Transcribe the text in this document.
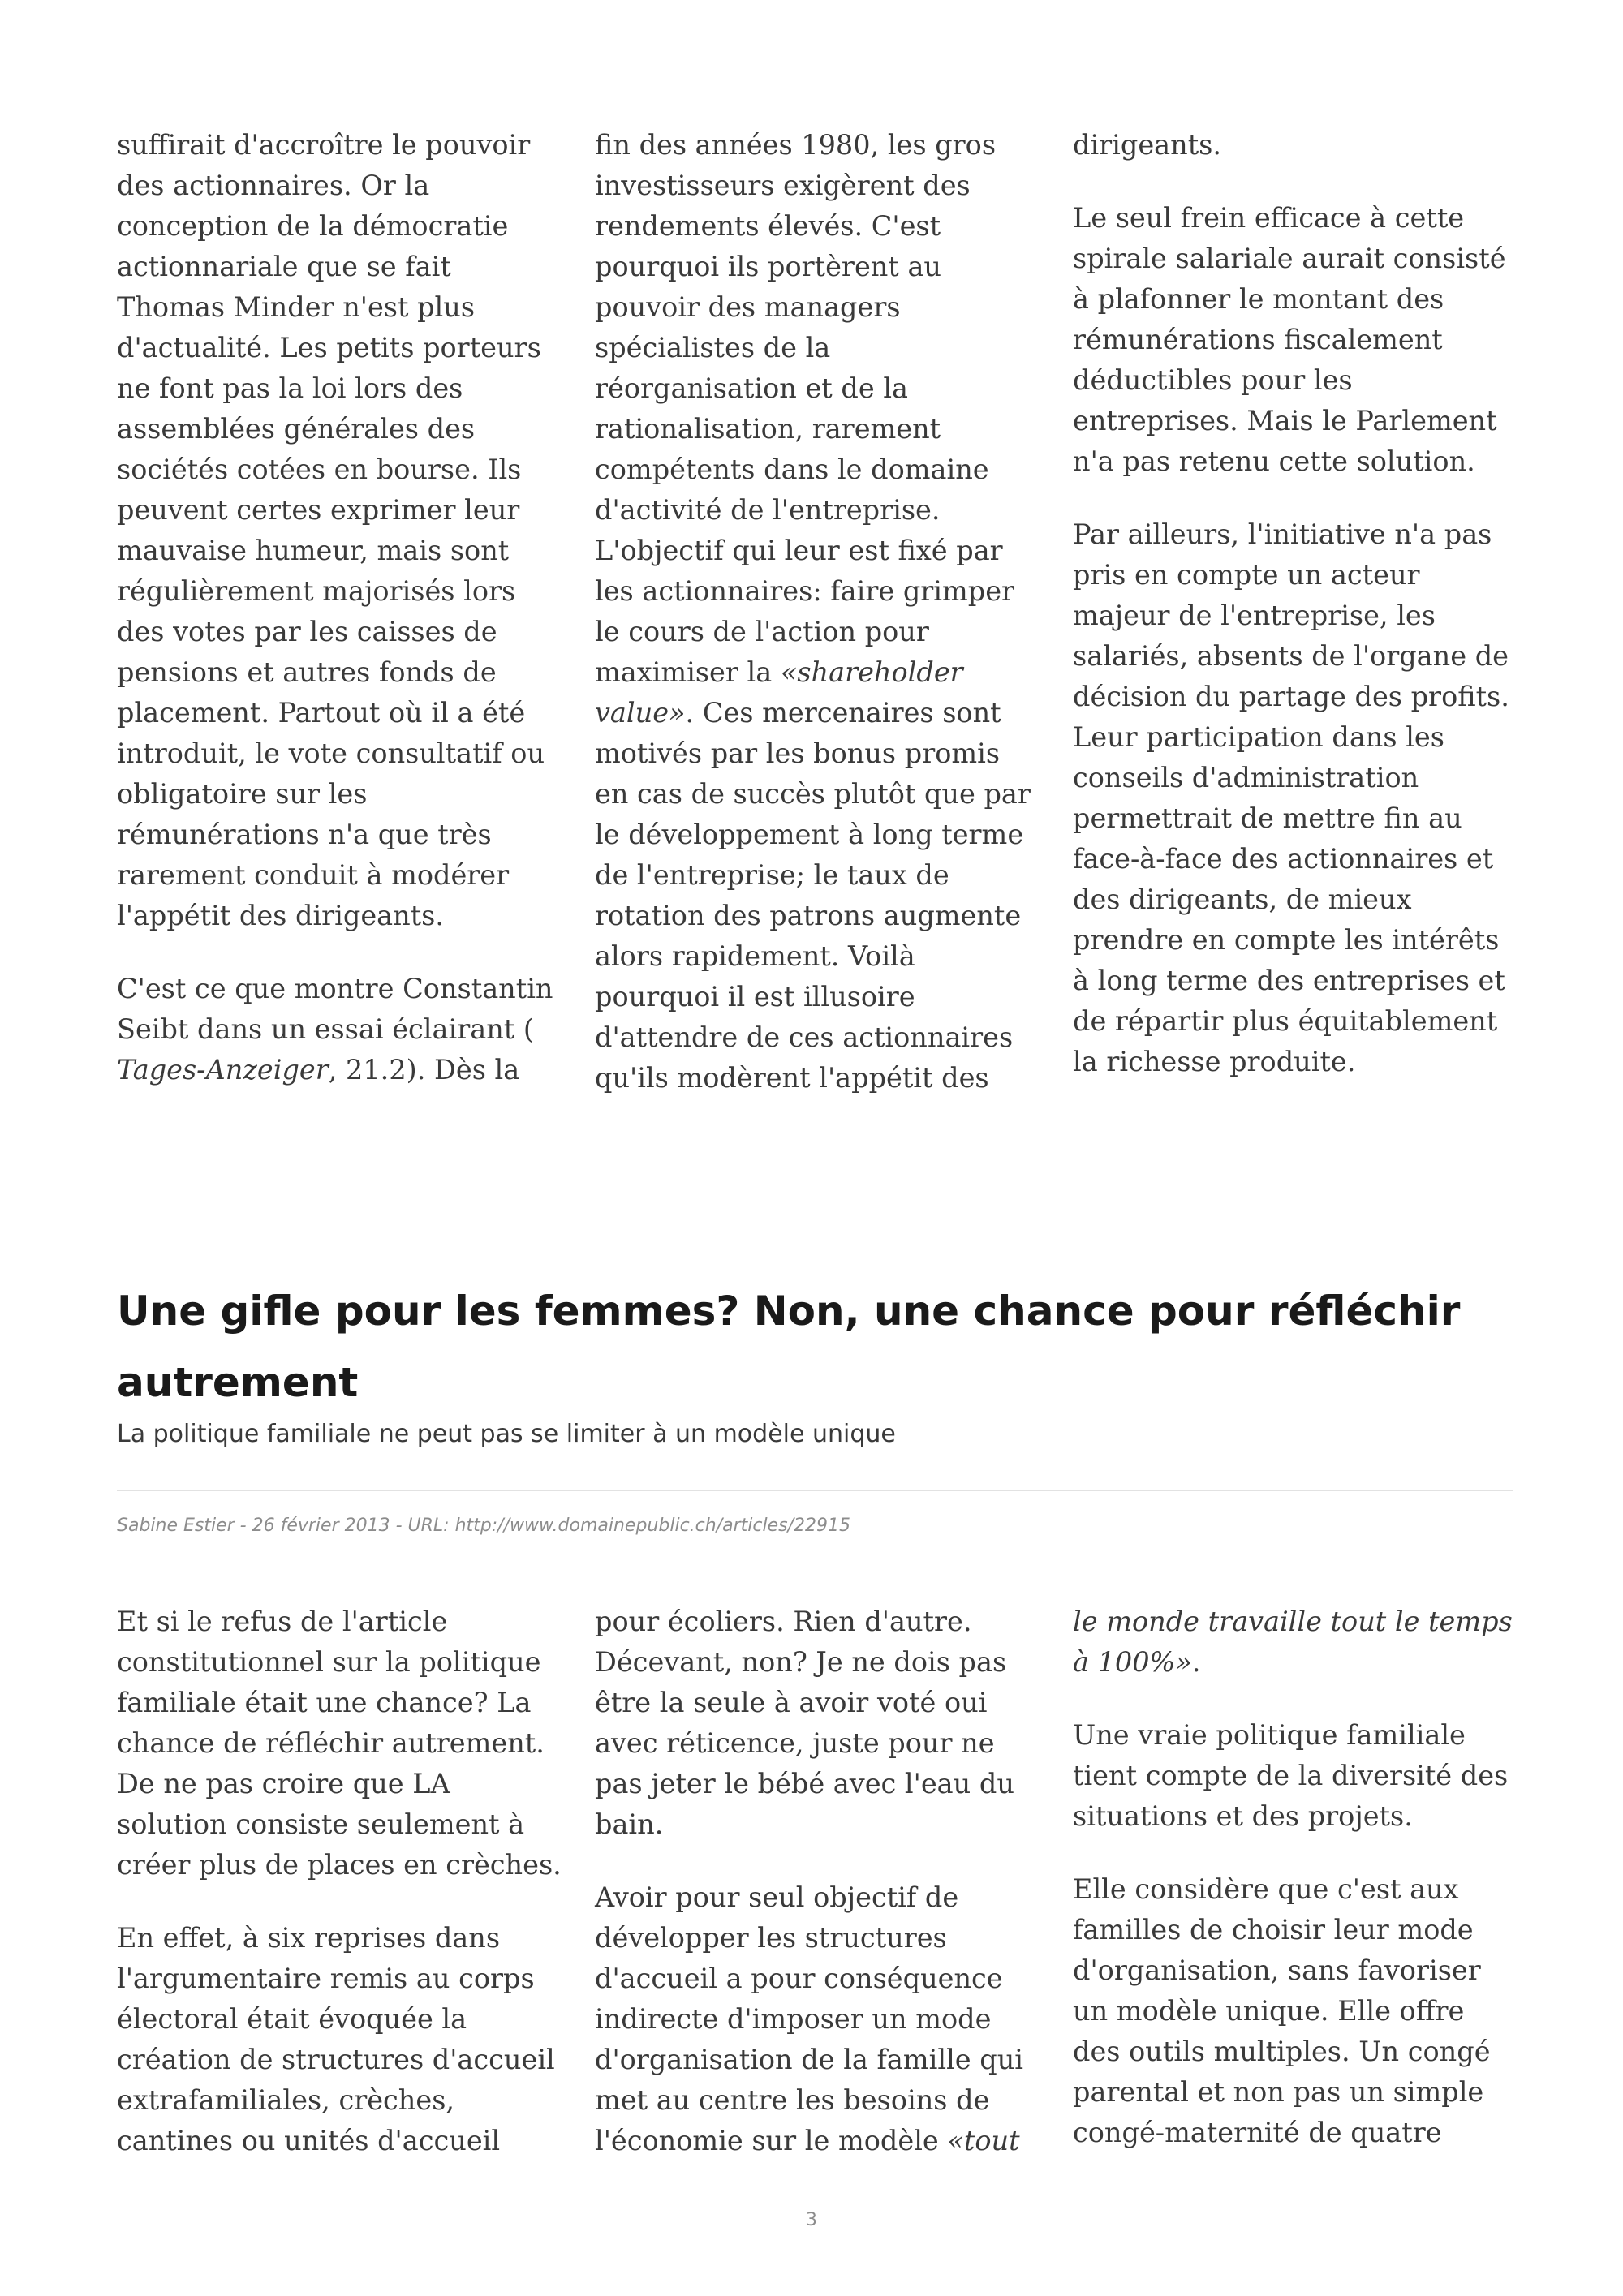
suffirait d'accroître le pouvoir
des actionnaires. Or la
conception de la démocratie
actionnariale que se fait
Thomas Minder n'est plus
d'actualité. Les petits porteurs
ne font pas la loi lors des
assemblées générales des
sociétés cotées en bourse. Ils
peuvent certes exprimer leur
mauvaise humeur, mais sont
régulièrement majorisés lors
des votes par les caisses de
pensions et autres fonds de
placement. Partout où il a été
introduit, le vote consultatif ou
obligatoire sur les
rémunérations n'a que très
rarement conduit à modérer
l'appétit des dirigeants.

C'est ce que montre Constantin
Seibt dans un essai éclairant (
Tages-Anzeiger, 21.2). Dès la

fin des années 1980, les gros
investisseurs exigèrent des
rendements élevés. C'est
pourquoi ils portèrent au
pouvoir des managers
spécialistes de la
réorganisation et de la
rationalisation, rarement
compétents dans le domaine
d'activité de l'entreprise.
L'objectif qui leur est fixé par
les actionnaires: faire grimper
le cours de l'action pour
maximiser la «shareholder
value». Ces mercenaires sont
motivés par les bonus promis
en cas de succès plutôt que par
le développement à long terme
de l'entreprise; le taux de
rotation des patrons augmente
alors rapidement. Voilà
pourquoi il est illusoire
d'attendre de ces actionnaires
qu'ils modèrent l'appétit des

dirigeants.

Le seul frein efficace à cette
spirale salariale aurait consisté
à plafonner le montant des
rémunérations fiscalement
déductibles pour les
entreprises. Mais le Parlement
n'a pas retenu cette solution.

Par ailleurs, l'initiative n'a pas
pris en compte un acteur
majeur de l'entreprise, les
salariés, absents de l'organe de
décision du partage des profits.
Leur participation dans les
conseils d'administration
permettrait de mettre fin au
face-à-face des actionnaires et
des dirigeants, de mieux
prendre en compte les intérêts
à long terme des entreprises et
de répartir plus équitablement
la richesse produite.

Une gifle pour les femmes? Non, une chance pour réfléchir
autrement

La politique familiale ne peut pas se limiter à un modèle unique

Sabine Estier - 26 février 2013 - URL: http://www.domainepublic.ch/articles/22915

Et si le refus de l'article
constitutionnel sur la politique
familiale était une chance? La
chance de réfléchir autrement.
De ne pas croire que LA
solution consiste seulement à
créer plus de places en crèches.

En effet, à six reprises dans
l'argumentaire remis au corps
électoral était évoquée la
création de structures d'accueil
extrafamiliales, crèches,
cantines ou unités d'accueil

pour écoliers. Rien d'autre.
Décevant, non? Je ne dois pas
être la seule à avoir voté oui
avec réticence, juste pour ne
pas jeter le bébé avec l'eau du
bain.

Avoir pour seul objectif de
développer les structures
d'accueil a pour conséquence
indirecte d'imposer un mode
d'organisation de la famille qui
met au centre les besoins de
l'économie sur le modèle «tout

le monde travaille tout le temps
à 100%».

Une vraie politique familiale
tient compte de la diversité des
situations et des projets.

Elle considère que c'est aux
familles de choisir leur mode
d'organisation, sans favoriser
un modèle unique. Elle offre
des outils multiples. Un congé
parental et non pas un simple
congé-maternité de quatre

3
